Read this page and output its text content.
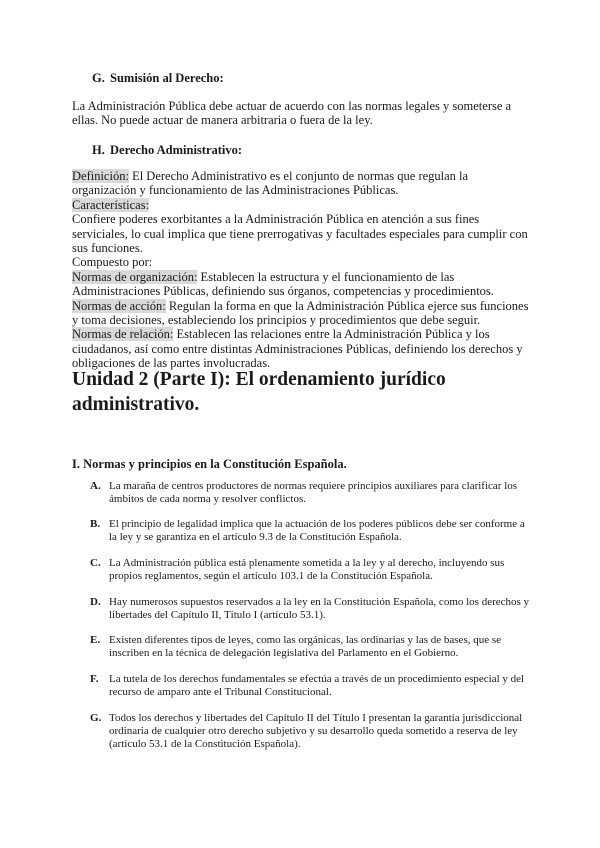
G. Sumisión al Derecho:

La Administración Pública debe actuar de acuerdo con las normas legales y someterse a ellas. No puede actuar de manera arbitraria o fuera de la ley.

H. Derecho Administrativo:
Definición: El Derecho Administrativo es el conjunto de normas que regulan la organización y funcionamiento de las Administraciones Públicas.
Características:
Confiere poderes exorbitantes a la Administración Pública en atención a sus fines serviciales, lo cual implica que tiene prerrogativas y facultades especiales para cumplir con sus funciones.
Compuesto por:
Normas de organización: Establecen la estructura y el funcionamiento de las Administraciones Públicas, definiendo sus órganos, competencias y procedimientos.
Normas de acción: Regulan la forma en que la Administración Pública ejerce sus funciones y toma decisiones, estableciendo los principios y procedimientos que debe seguir.
Normas de relación: Establecen las relaciones entre la Administración Pública y los ciudadanos, así como entre distintas Administraciones Públicas, definiendo los derechos y obligaciones de las partes involucradas.
Unidad 2 (Parte I): El ordenamiento jurídico administrativo.
I. Normas y principios en la Constitución Española.
A. La maraña de centros productores de normas requiere principios auxiliares para clarificar los ámbitos de cada norma y resolver conflictos.
B. El principio de legalidad implica que la actuación de los poderes públicos debe ser conforme a la ley y se garantiza en el artículo 9.3 de la Constitución Española.
C. La Administración pública está plenamente sometida a la ley y al derecho, incluyendo sus propios reglamentos, según el artículo 103.1 de la Constitución Española.
D. Hay numerosos supuestos reservados a la ley en la Constitución Española, como los derechos y libertades del Capítulo II, Título I (artículo 53.1).
E. Existen diferentes tipos de leyes, como las orgánicas, las ordinarias y las de bases, que se inscriben en la técnica de delegación legislativa del Parlamento en el Gobierno.
F. La tutela de los derechos fundamentales se efectúa a través de un procedimiento especial y del recurso de amparo ante el Tribunal Constitucional.
G. Todos los derechos y libertades del Capítulo II del Título I presentan la garantía jurisdiccional ordinaria de cualquier otro derecho subjetivo y su desarrollo queda sometido a reserva de ley (artículo 53.1 de la Constitución Española).
